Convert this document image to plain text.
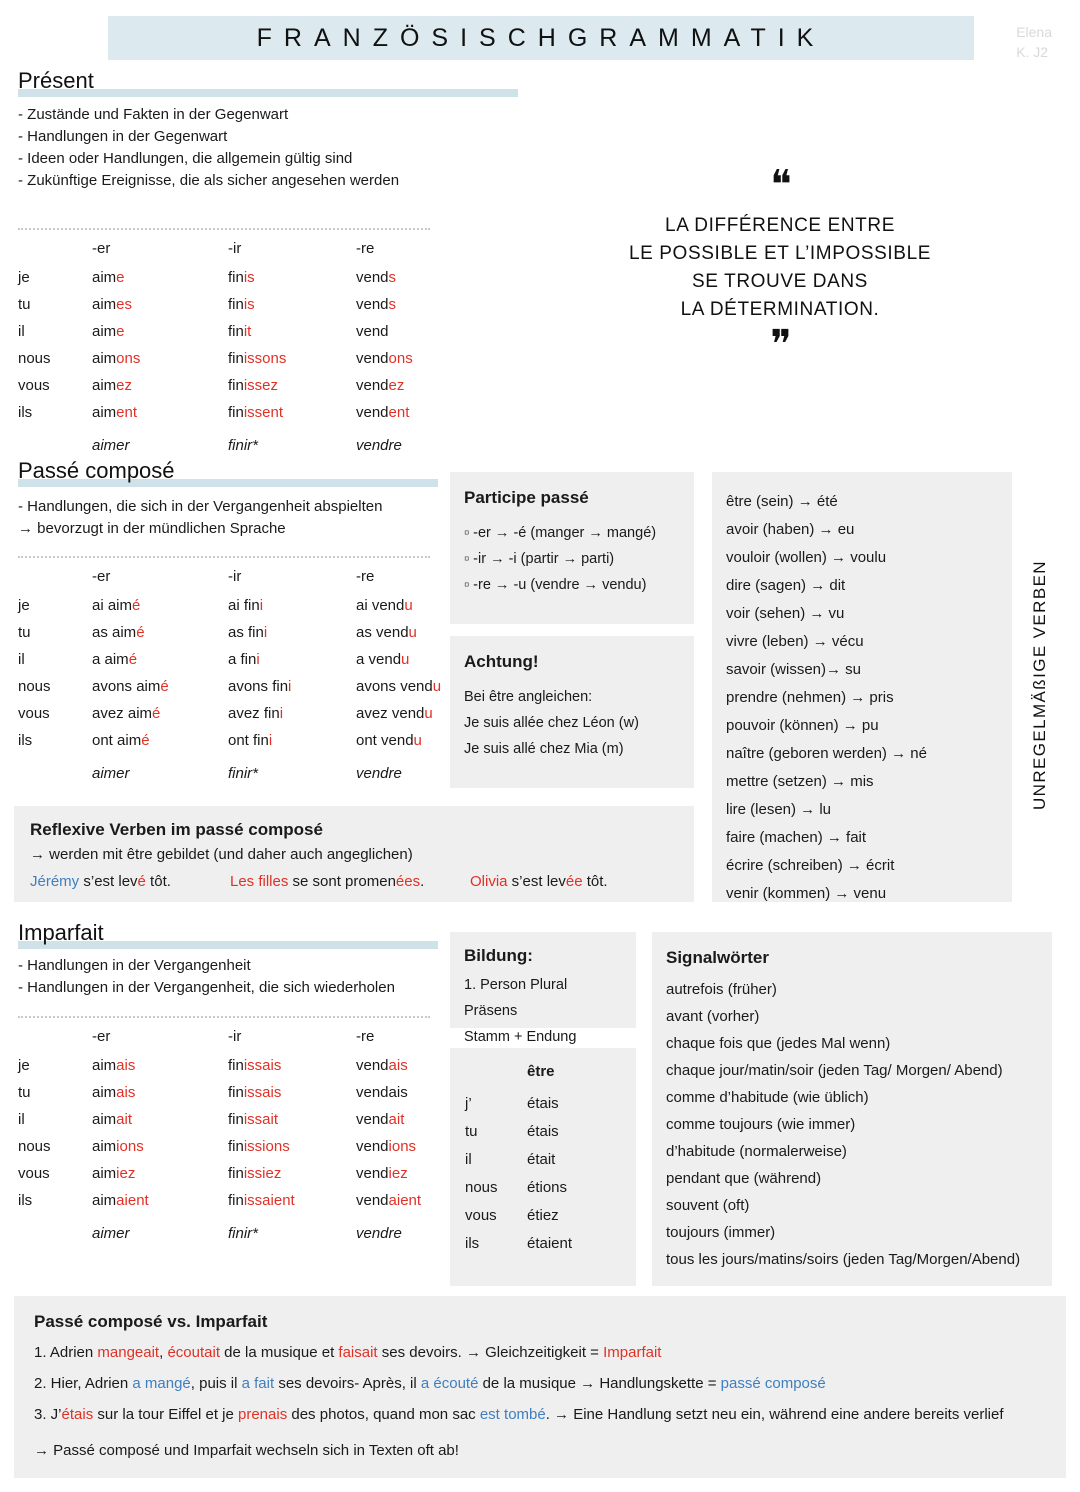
FRANZÖSISCHGRAMMATIK	Elena
K. J2
Présent
- Zustände und Fakten in der Gegenwart
- Handlungen in der Gegenwart
- Ideen oder Handlungen, die allgemein gültig sind
- Zukünftige Ereignisse, die als sicher angesehen werden
	-er	-ir	-re
je	aime	finis	vends
tu	aimes	finis	vends
il	aime	finit	vend
nous	aimons	finissons	vendons
vous	aimez	finissez	vendez
ils	aiment	finissent	vendent
	aimer	finir*	vendre
❝
LA DIFFÉRENCE ENTRE
LE POSSIBLE ET L’IMPOSSIBLE
SE TROUVE DANS
LA DÉTERMINATION.
❞
Passé composé
- Handlungen, die sich in der Vergangenheit abspielten
→ bevorzugt in der mündlichen Sprache
	-er	-ir	-re
je	ai aimé	ai fini	ai vendu
tu	as aimé	as fini	as vendu
il	a aimé	a fini	a vendu
nous	avons aimé	avons fini	avons vendu
vous	avez aimé	avez fini	avez vendu
ils	ont aimé	ont fini	ont vendu
	aimer	finir*	vendre
Participe passé
▫ -er → -é (manger → mangé)
▫ -ir → -i (partir → parti)
▫ -re → -u (vendre → vendu)
Achtung!
Bei être angleichen:
Je suis allée chez Léon (w)
Je suis allé chez Mia (m)
être (sein) → été
avoir (haben) → eu
vouloir (wollen) → voulu
dire (sagen) → dit
voir (sehen) → vu
vivre (leben) → vécu
savoir (wissen)→ su
prendre (nehmen) → pris
pouvoir (können) → pu
naître (geboren werden) → né
mettre (setzen) → mis
lire (lesen) → lu
faire (machen) → fait
écrire (schreiben) → écrit
venir (kommen) → venu
UNREGELMÄßIGE VERBEN
Reflexive Verben im passé composé
→ werden mit être gebildet (und daher auch angeglichen)
Jérémy s’est levé tôt.	Les filles se sont promenées.	Olivia s’est levée tôt.
Imparfait
- Handlungen in der Vergangenheit
- Handlungen in der Vergangenheit, die sich wiederholen
	-er	-ir	-re
je	aimais	finissais	vendais
tu	aimais	finissais	vendais
il	aimait	finissait	vendait
nous	aimions	finissions	vendions
vous	aimiez	finissiez	vendiez
ils	aimaient	finissaient	vendaient
	aimer	finir*	vendre
Bildung:
1. Person Plural Präsens
Stamm + Endung
	être
j’	étais
tu	étais
il	était
nous	étions
vous	étiez
ils	étaient
Signalwörter
autrefois (früher)
avant (vorher)
chaque fois que (jedes Mal wenn)
chaque jour/matin/soir (jeden Tag/ Morgen/ Abend)
comme d’habitude (wie üblich)
comme toujours (wie immer)
d’habitude (normalerweise)
pendant que (während)
souvent (oft)
toujours (immer)
tous les jours/matins/soirs (jeden Tag/Morgen/Abend)
Passé composé vs. Imparfait

1. Adrien mangeait, écoutait de la musique et faisait ses devoirs. → Gleichzeitigkeit = Imparfait

2. Hier, Adrien a mangé, puis il a fait ses devoirs- Après, il a écouté de la musique → Handlungskette = passé composé

3. J’étais sur la tour Eiffel et je prenais des photos, quand mon sac est tombé. → Eine Handlung setzt neu ein, während eine andere bereits verlief

→ Passé composé und Imparfait wechseln sich in Texten oft ab!
